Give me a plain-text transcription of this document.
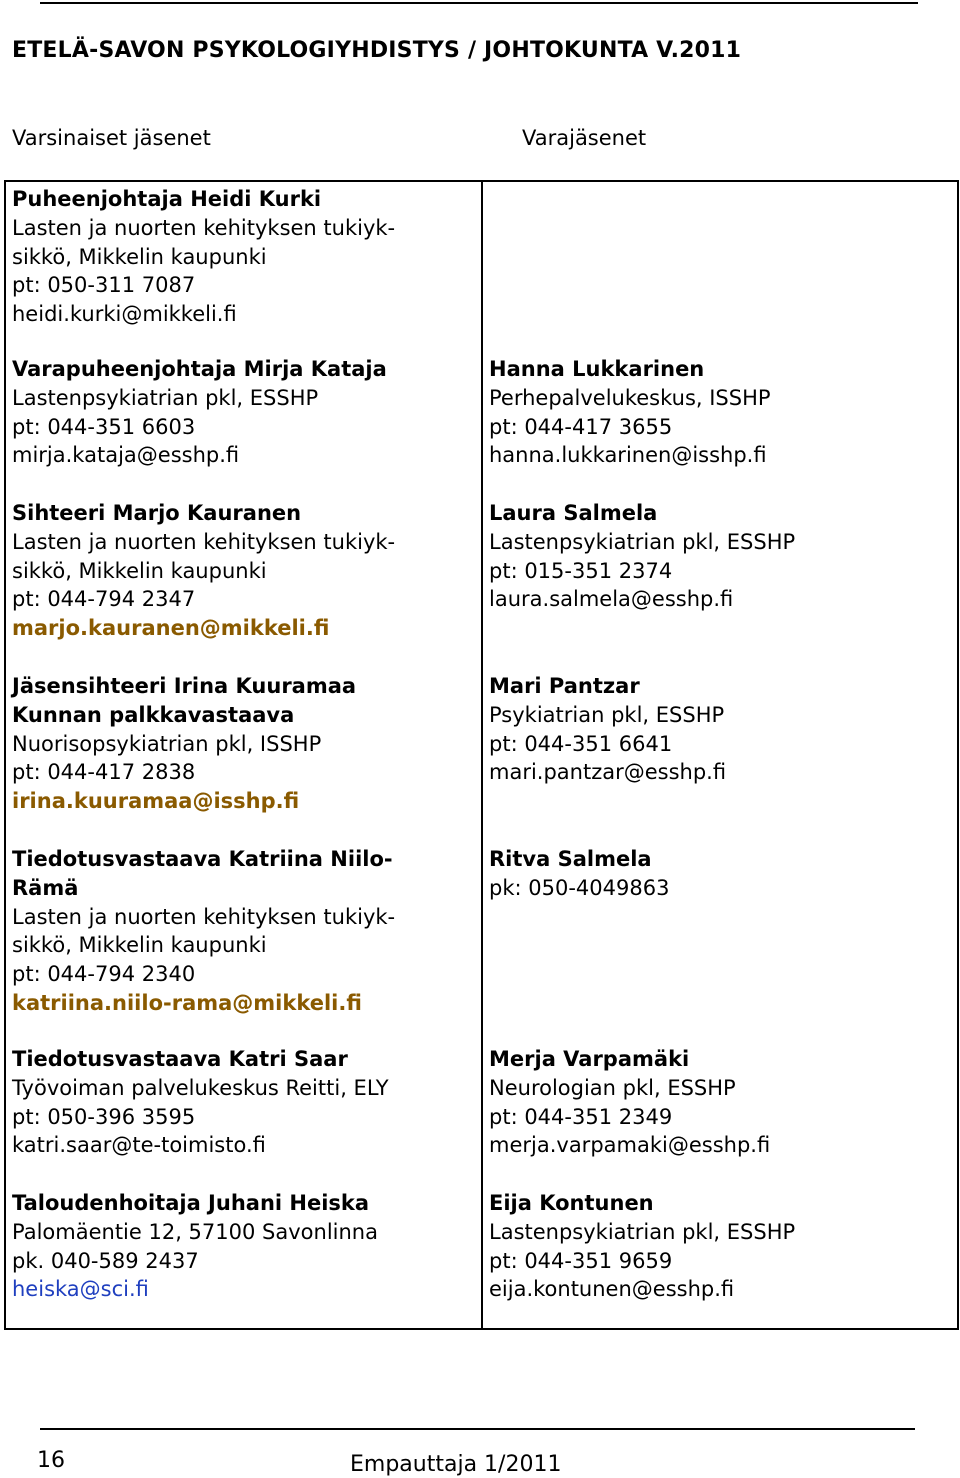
ETELÄ-SAVON PSYKOLOGIYHDISTYS / JOHTOKUNTA V.2011
Varsinaiset jäsenet	Varajäsenet
Puheenjohtaja Heidi Kurki
Lasten ja nuorten kehityksen tukiyk-
sikkö, Mikkelin kaupunki
pt: 050-311 7087
heidi.kurki@mikkeli.fi
Varapuheenjohtaja Mirja Kataja
Lastenpsykiatrian pkl, ESSHP
pt: 044-351 6603
mirja.kataja@esshp.fi
Sihteeri Marjo Kauranen
Lasten ja nuorten kehityksen tukiyk-
sikkö, Mikkelin kaupunki
pt: 044-794 2347
marjo.kauranen@mikkeli.fi
Jäsensihteeri Irina Kuuramaa
Kunnan palkkavastaava
Nuorisopsykiatrian pkl, ISSHP
pt: 044-417 2838
irina.kuuramaa@isshp.fi
Tiedotusvastaava Katriina Niilo-
Rämä
Lasten ja nuorten kehityksen tukiyk-
sikkö, Mikkelin kaupunki
pt: 044-794 2340
katriina.niilo-rama@mikkeli.fi
Tiedotusvastaava Katri Saar
Työvoiman palvelukeskus Reitti, ELY
pt: 050-396 3595
katri.saar@te-toimisto.fi
Taloudenhoitaja Juhani Heiska
Palomäentie 12, 57100 Savonlinna
pk. 040-589 2437
heiska@sci.fi
Hanna Lukkarinen
Perhepalvelukeskus, ISSHP
pt: 044-417 3655
hanna.lukkarinen@isshp.fi
Laura Salmela
Lastenpsykiatrian pkl, ESSHP
pt: 015-351 2374
laura.salmela@esshp.fi
Mari Pantzar
Psykiatrian pkl, ESSHP
pt: 044-351 6641
mari.pantzar@esshp.fi
Ritva Salmela
pk: 050-4049863
Merja Varpamäki
Neurologian pkl, ESSHP
pt: 044-351 2349
merja.varpamaki@esshp.fi
Eija Kontunen
Lastenpsykiatrian pkl, ESSHP
pt: 044-351 9659
eija.kontunen@esshp.fi
16	Empauttaja 1/2011
